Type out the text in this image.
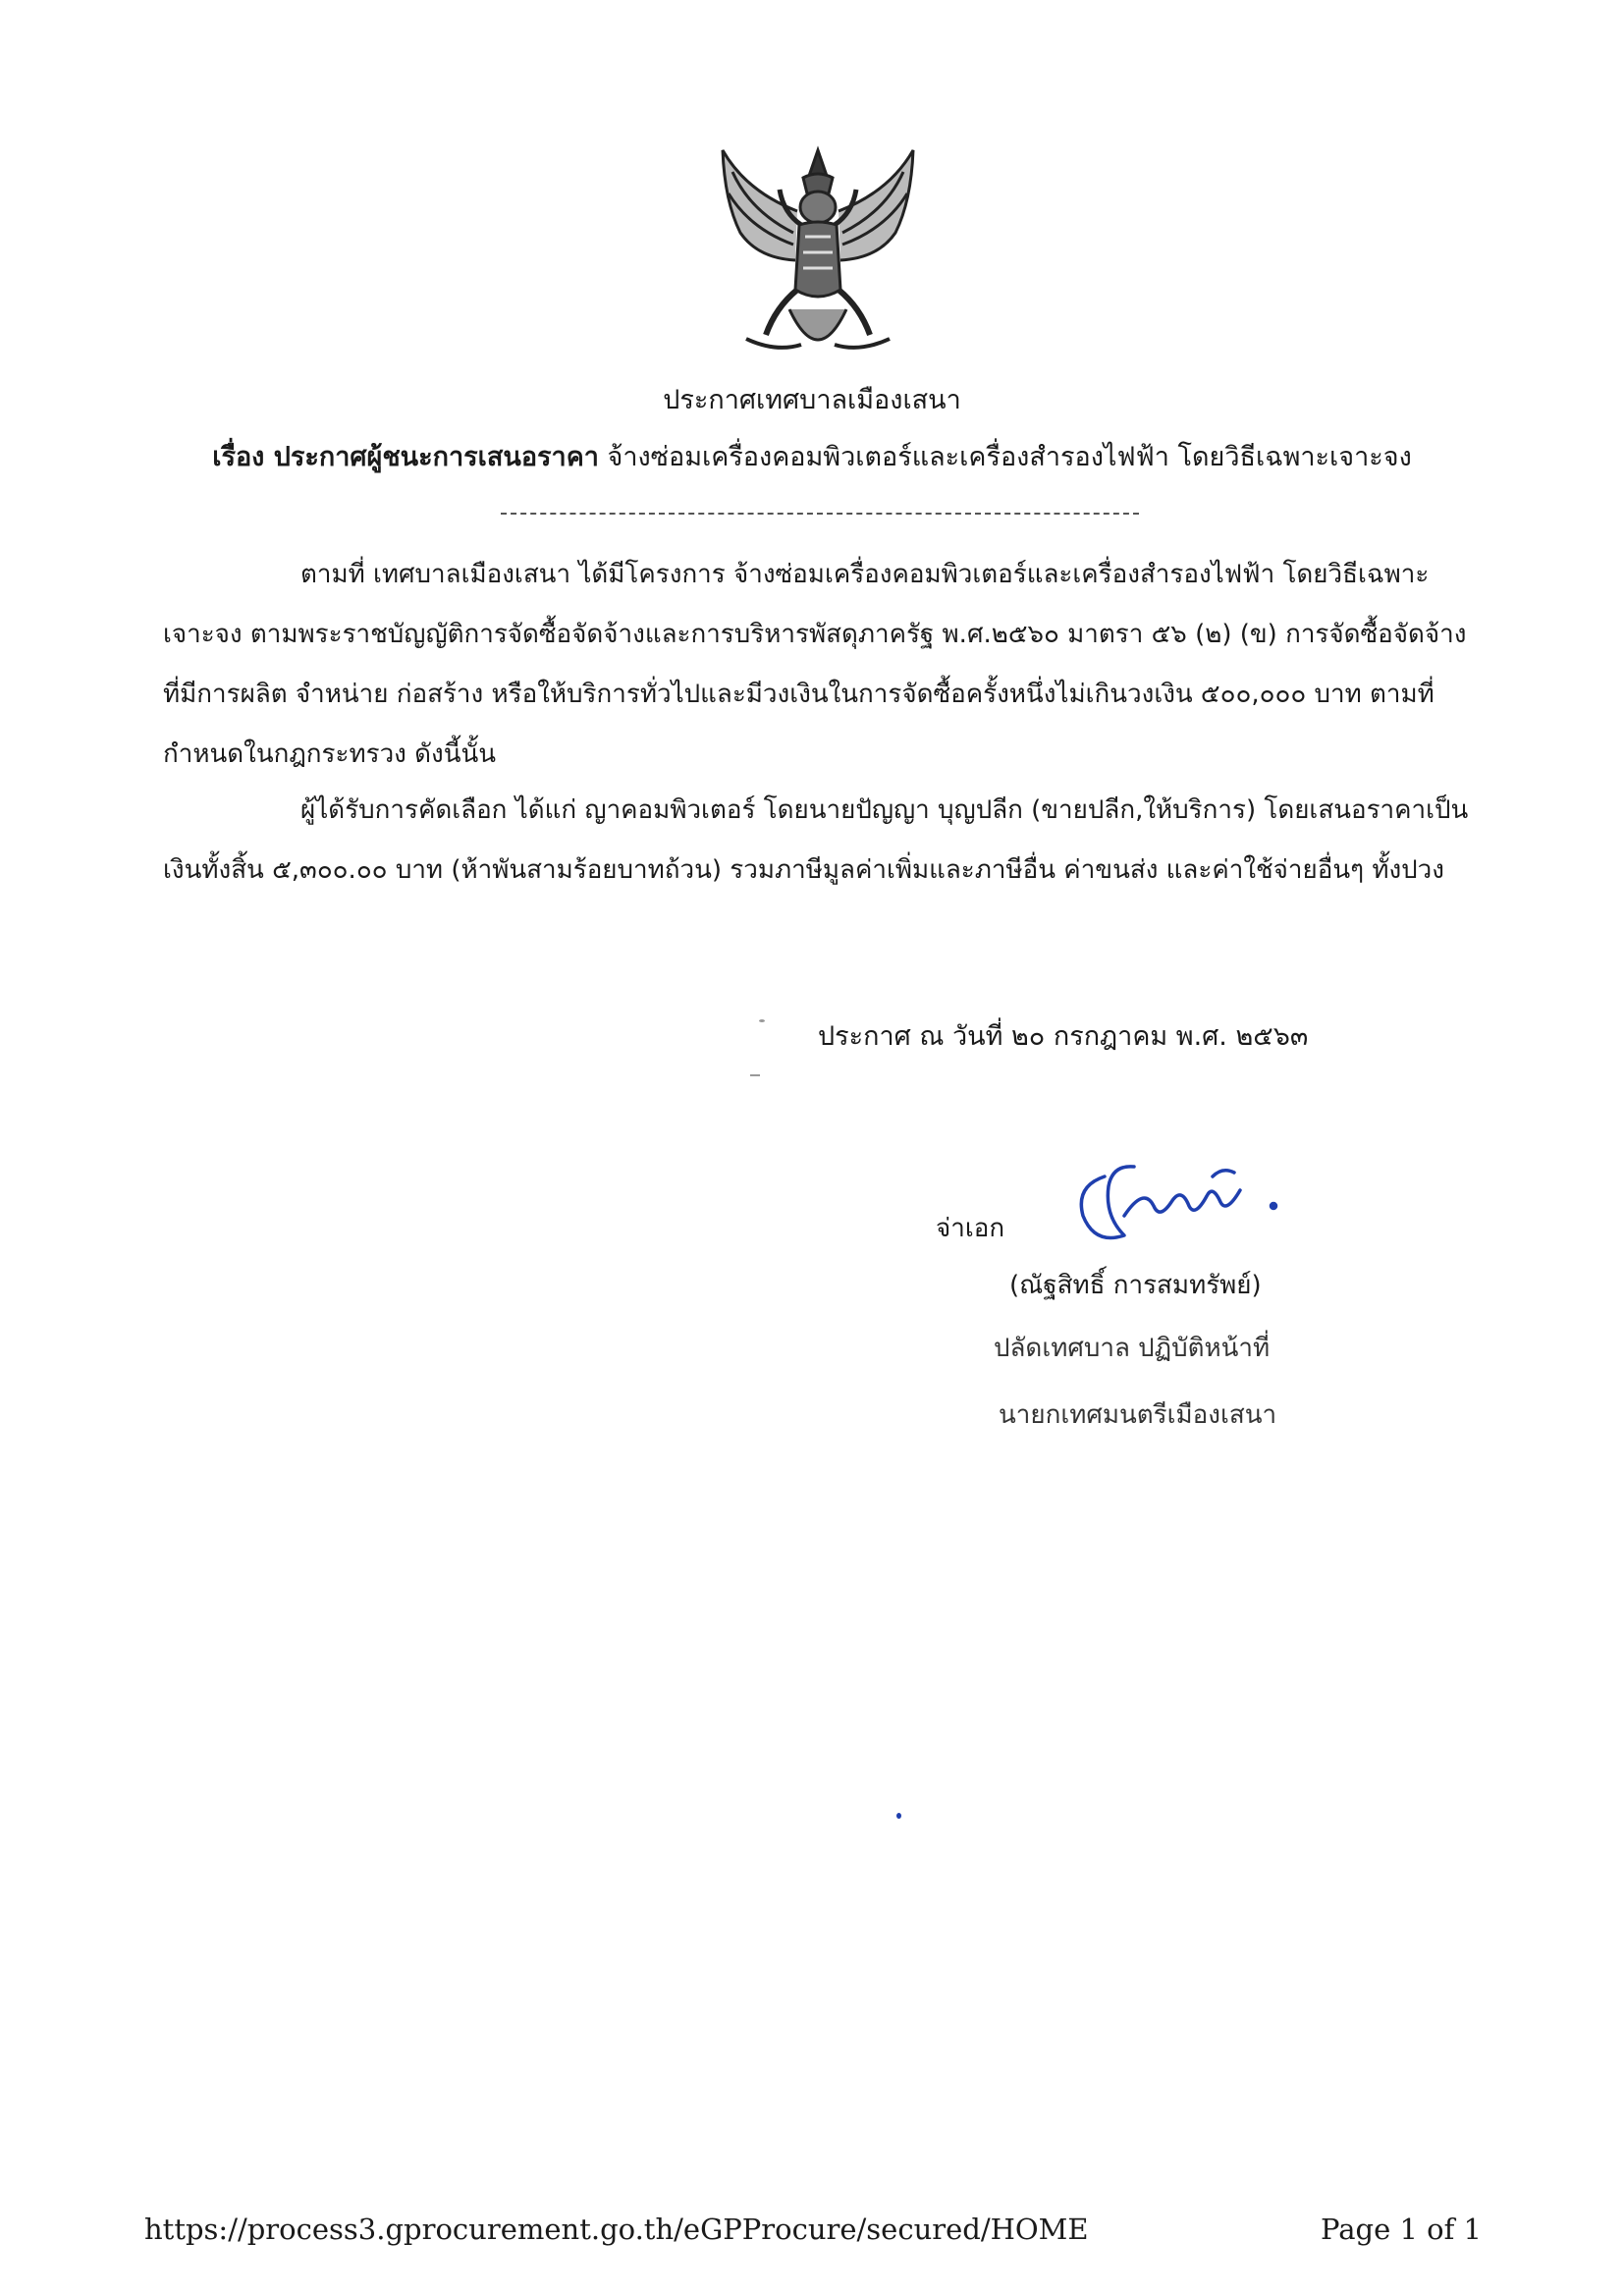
ประกาศเทศบาลเมืองเสนา
เรื่อง ประกาศผู้ชนะการเสนอราคา จ้างซ่อมเครื่องคอมพิวเตอร์และเครื่องสำรองไฟฟ้า โดยวิธีเฉพาะเจาะจง
ตามที่ เทศบาลเมืองเสนา ได้มีโครงการ จ้างซ่อมเครื่องคอมพิวเตอร์และเครื่องสำรองไฟฟ้า โดยวิธีเฉพาะเจาะจง ตามพระราชบัญญัติการจัดซื้อจัดจ้างและการบริหารพัสดุภาครัฐ พ.ศ.๒๕๖๐ มาตรา ๕๖ (๒) (ข) การจัดซื้อจัดจ้างที่มีการผลิต จำหน่าย ก่อสร้าง หรือให้บริการทั่วไปและมีวงเงินในการจัดซื้อครั้งหนึ่งไม่เกินวงเงิน ๕๐๐,๐๐๐ บาท ตามที่กำหนดในกฎกระทรวง ดังนี้นั้น
ผู้ได้รับการคัดเลือก ได้แก่ ญาคอมพิวเตอร์ โดยนายปัญญา บุญปลีก (ขายปลีก,ให้บริการ) โดยเสนอราคาเป็นเงินทั้งสิ้น ๕,๓๐๐.๐๐ บาท (ห้าพันสามร้อยบาทถ้วน) รวมภาษีมูลค่าเพิ่มและภาษีอื่น ค่าขนส่ง และค่าใช้จ่ายอื่นๆ ทั้งปวง
ประกาศ ณ วันที่ ๒๐ กรกฎาคม พ.ศ. ๒๕๖๓
จ่าเอก
(ณัฐสิทธิ์ การสมทรัพย์)
ปลัดเทศบาล ปฏิบัติหน้าที่
นายกเทศมนตรีเมืองเสนา
https://process3.gprocurement.go.th/eGPProcure/secured/HOME	Page 1 of 1
